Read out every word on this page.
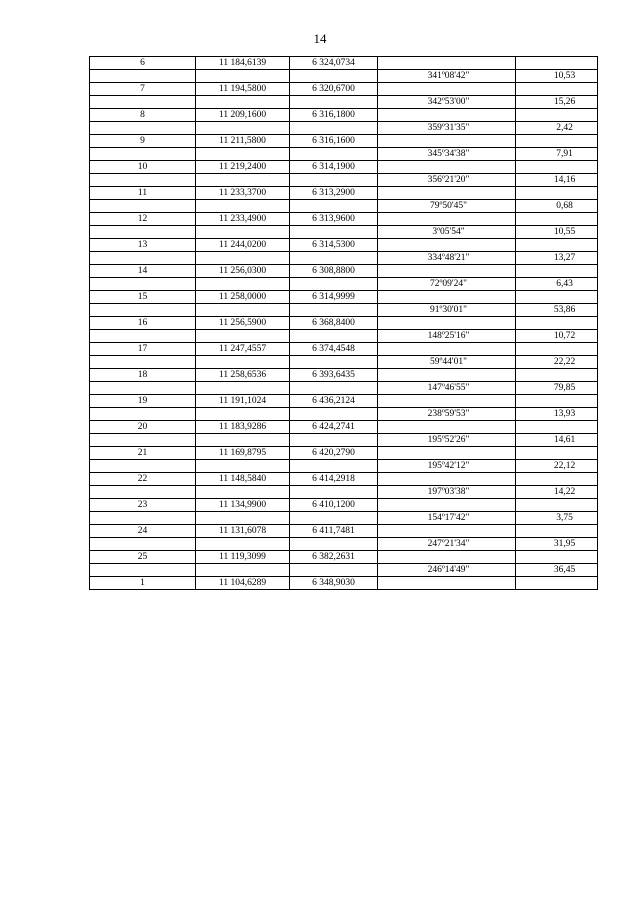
14
6	11 184,6139	6 324,0734		
			341º08'42"	10,53
7	11 194,5800	6 320,6700		
			342º53'00"	15,26
8	11 209,1600	6 316,1800		
			359º31'35"	2,42
9	11 211,5800	6 316,1600		
			345º34'38"	7,91
10	11 219,2400	6 314,1900		
			356º21'20"	14,16
11	11 233,3700	6 313,2900		
			79º50'45"	0,68
12	11 233,4900	6 313,9600		
			3º05'54"	10,55
13	11 244,0200	6 314,5300		
			334º48'21"	13,27
14	11 256,0300	6 308,8800		
			72º09'24"	6,43
15	11 258,0000	6 314,9999		
			91º30'01"	53,86
16	11 256,5900	6 368,8400		
			148º25'16"	10,72
17	11 247,4557	6 374,4548		
			59º44'01"	22,22
18	11 258,6536	6 393,6435		
			147º46'55"	79,85
19	11 191,1024	6 436,2124		
			238º59'53"	13,93
20	11 183,9286	6 424,2741		
			195º52'26"	14,61
21	11 169,8795	6 420,2790		
			195º42'12"	22,12
22	11 148,5840	6 414,2918		
			197º03'38"	14,22
23	11 134,9900	6 410,1200		
			154º17'42"	3,75
24	11 131,6078	6 411,7481		
			247º21'34"	31,95
25	11 119,3099	6 382,2631		
			246º14'49"	36,45
1	11 104,6289	6 348,9030		
